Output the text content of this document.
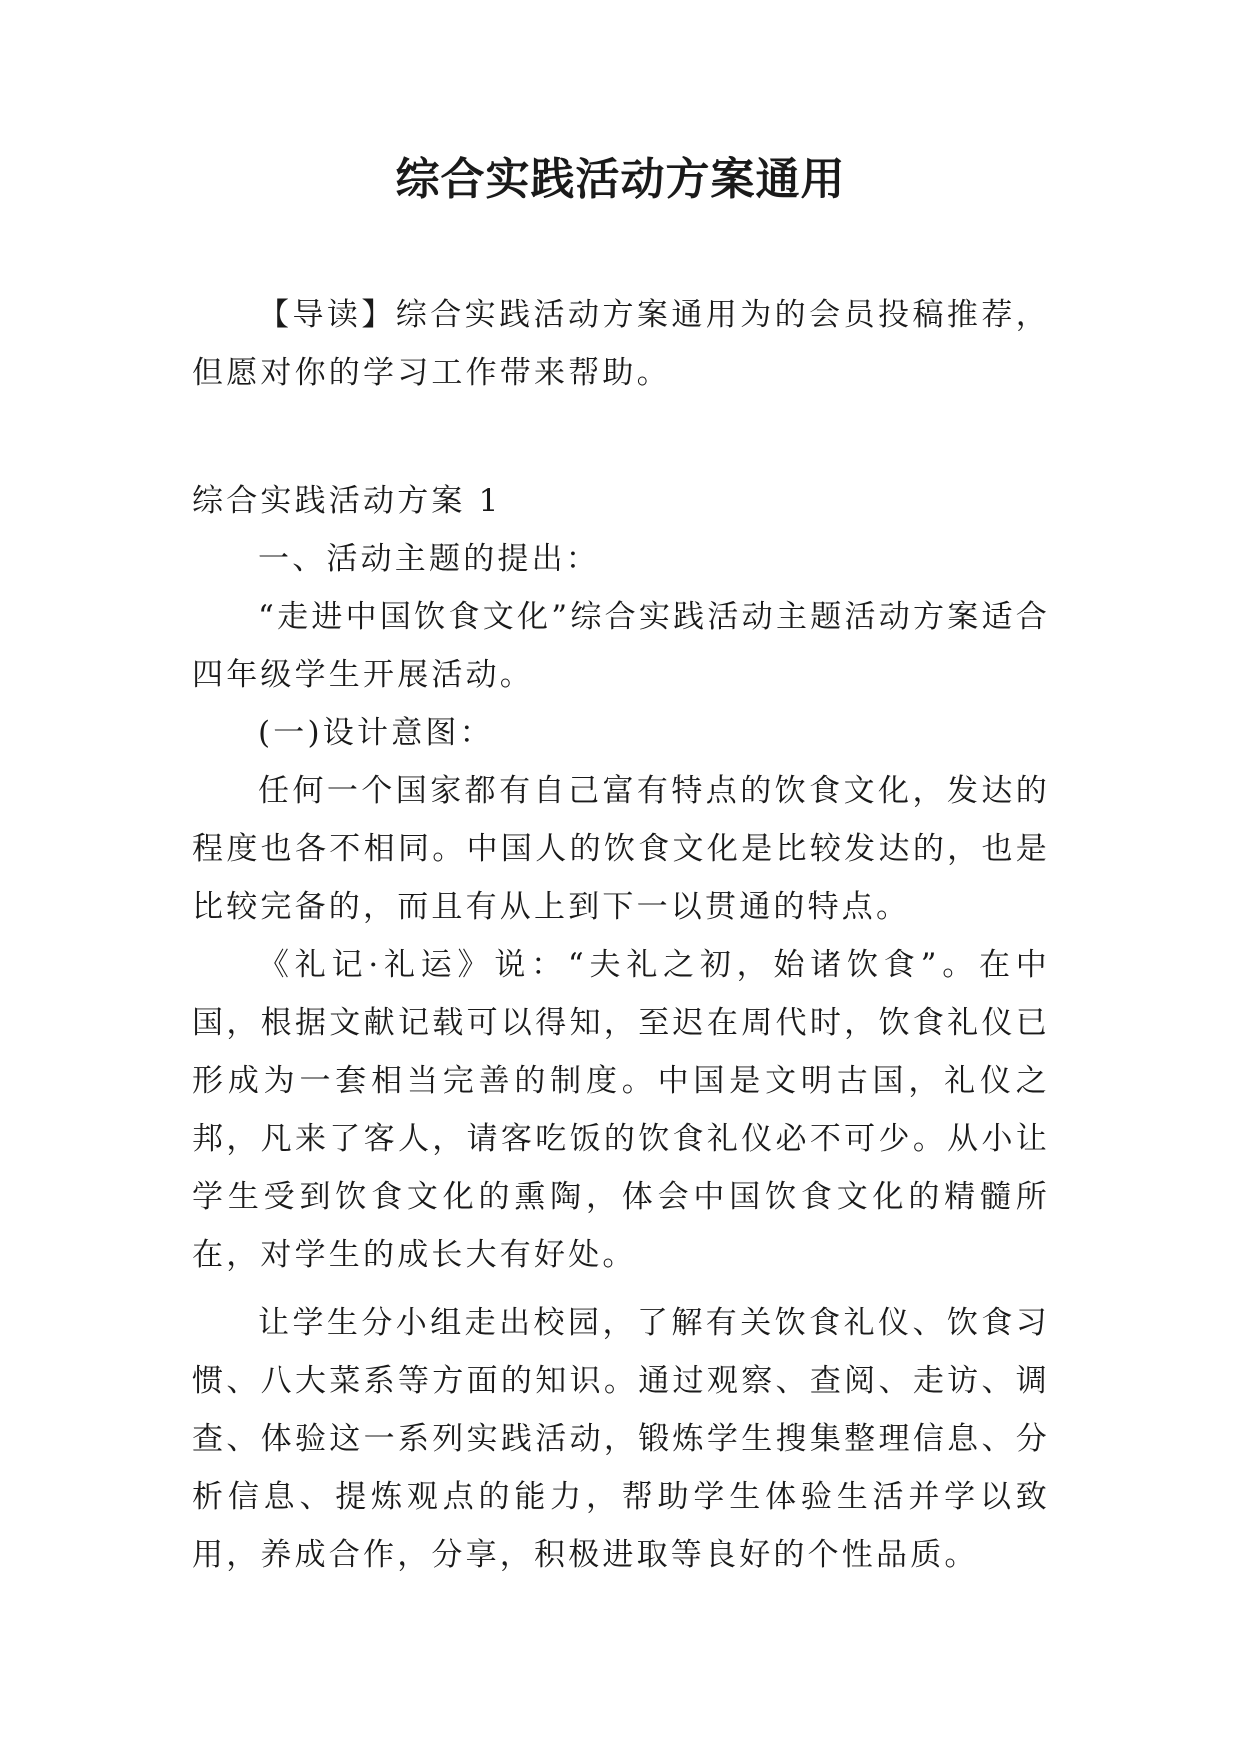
综合实践活动方案通用

【导读】综合实践活动方案通用为的会员投稿推荐，但愿对你的学习工作带来帮助。

综合实践活动方案 1

一、活动主题的提出：

“走进中国饮食文化”综合实践活动主题活动方案适合四年级学生开展活动。

(一)设计意图：

任何一个国家都有自己富有特点的饮食文化，发达的程度也各不相同。中国人的饮食文化是比较发达的，也是比较完备的，而且有从上到下一以贯通的特点。

《礼记·礼运》说：“夫礼之初，始诸饮食”。在中国，根据文献记载可以得知，至迟在周代时，饮食礼仪已形成为一套相当完善的制度。中国是文明古国，礼仪之邦，凡来了客人，请客吃饭的饮食礼仪必不可少。从小让学生受到饮食文化的熏陶，体会中国饮食文化的精髓所在，对学生的成长大有好处。

让学生分小组走出校园，了解有关饮食礼仪、饮食习惯、八大菜系等方面的知识。通过观察、查阅、走访、调查、体验这一系列实践活动，锻炼学生搜集整理信息、分析信息、提炼观点的能力，帮助学生体验生活并学以致用，养成合作，分享，积极进取等良好的个性品质。
